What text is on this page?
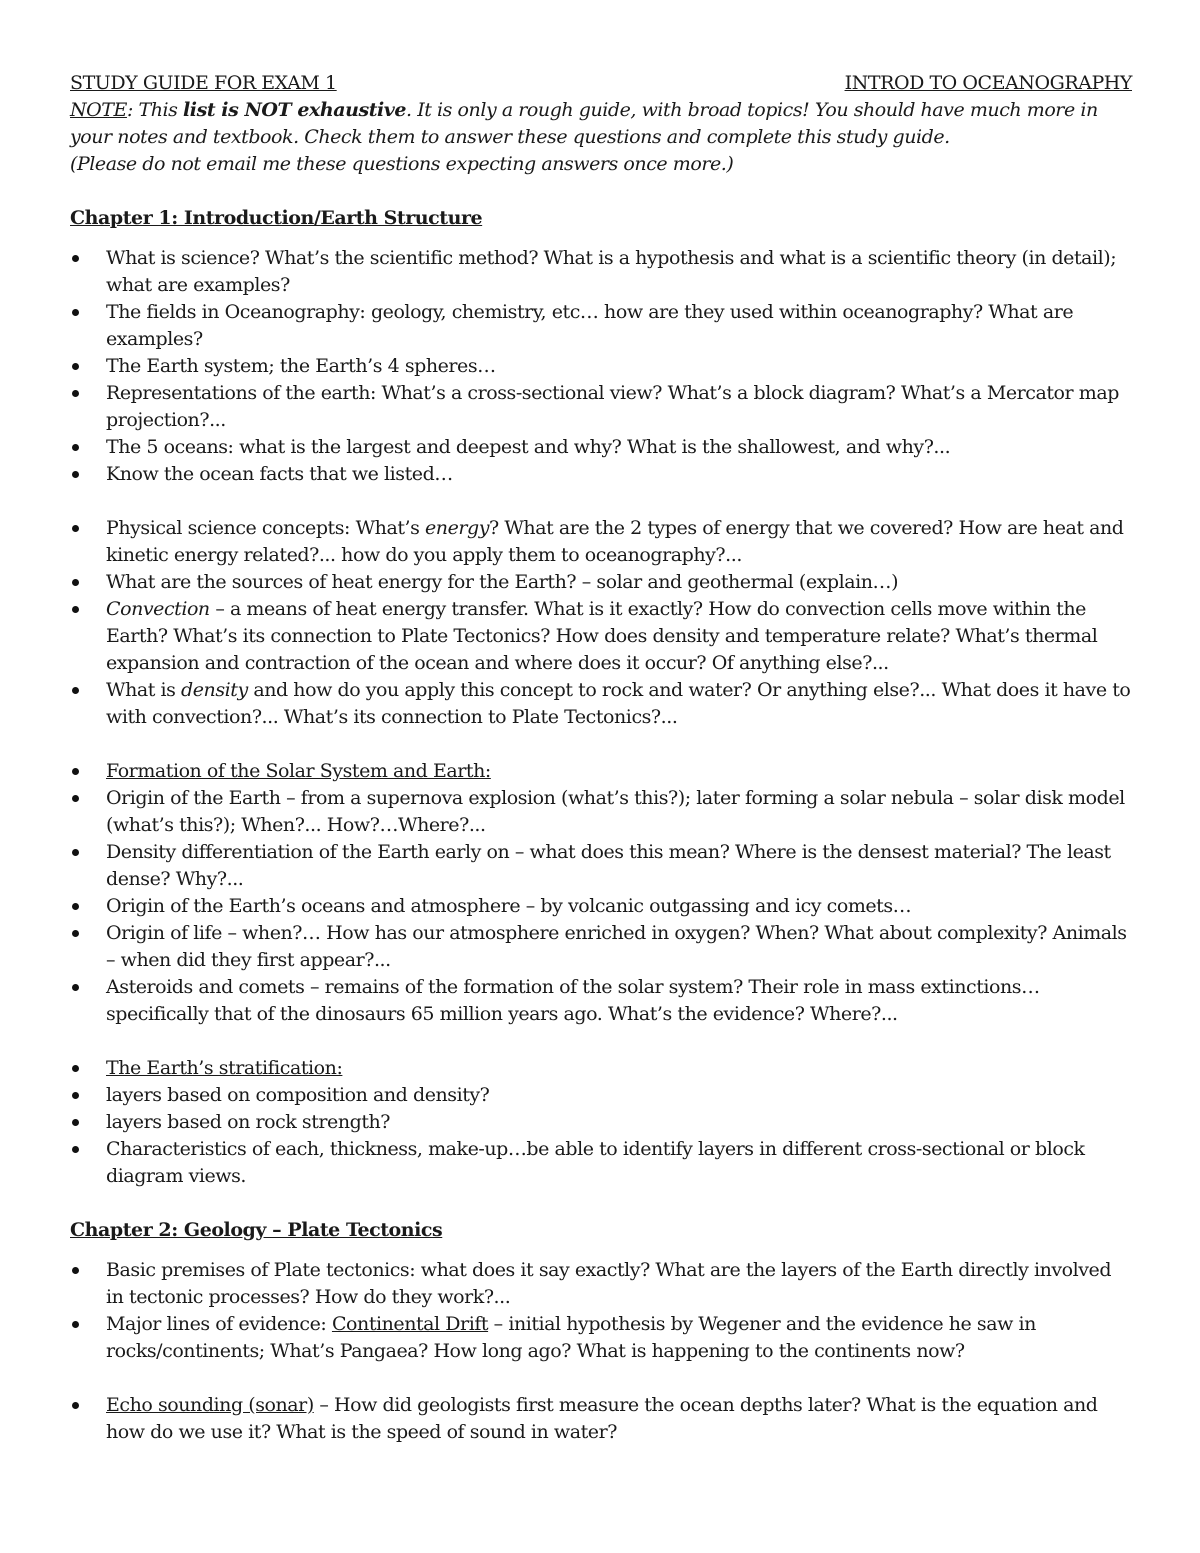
STUDY GUIDE FOR EXAM 1	INTROD TO OCEANOGRAPHY
NOTE: This list is NOT exhaustive. It is only a rough guide, with broad topics! You should have much more in your notes and textbook. Check them to answer these questions and complete this study guide.
(Please do not email me these questions expecting answers once more.)
Chapter 1: Introduction/Earth Structure
What is science? What’s the scientific method? What is a hypothesis and what is a scientific theory (in detail); what are examples?
The fields in Oceanography: geology, chemistry, etc… how are they used within oceanography? What are examples?
The Earth system; the Earth’s 4 spheres…
Representations of the earth: What’s a cross-sectional view? What’s a block diagram? What’s a Mercator map projection?...
The 5 oceans: what is the largest and deepest and why? What is the shallowest, and why?...
Know the ocean facts that we listed…
Physical science concepts: What’s energy? What are the 2 types of energy that we covered? How are heat and kinetic energy related?... how do you apply them to oceanography?...
What are the sources of heat energy for the Earth? – solar and geothermal (explain…)
Convection – a means of heat energy transfer. What is it exactly? How do convection cells move within the Earth? What’s its connection to Plate Tectonics? How does density and temperature relate? What’s thermal expansion and contraction of the ocean and where does it occur? Of anything else?...
What is density and how do you apply this concept to rock and water? Or anything else?... What does it have to with convection?... What’s its connection to Plate Tectonics?...
Formation of the Solar System and Earth:
Origin of the Earth – from a supernova explosion (what’s this?); later forming a solar nebula – solar disk model (what’s this?); When?... How?…Where?...
Density differentiation of the Earth early on – what does this mean? Where is the densest material? The least dense? Why?...
Origin of the Earth’s oceans and atmosphere – by volcanic outgassing and icy comets…
Origin of life – when?… How has our atmosphere enriched in oxygen? When? What about complexity? Animals – when did they first appear?...
Asteroids and comets – remains of the formation of the solar system? Their role in mass extinctions… specifically that of the dinosaurs 65 million years ago. What’s the evidence? Where?...
The Earth’s stratification:
layers based on composition and density?
layers based on rock strength?
Characteristics of each, thickness, make-up…be able to identify layers in different cross-sectional or block diagram views.
Chapter 2: Geology – Plate Tectonics
Basic premises of Plate tectonics: what does it say exactly? What are the layers of the Earth directly involved in tectonic processes? How do they work?...
Major lines of evidence: Continental Drift – initial hypothesis by Wegener and the evidence he saw in rocks/continents; What’s Pangaea? How long ago? What is happening to the continents now?
Echo sounding (sonar) – How did geologists first measure the ocean depths later? What is the equation and how do we use it? What is the speed of sound in water?
